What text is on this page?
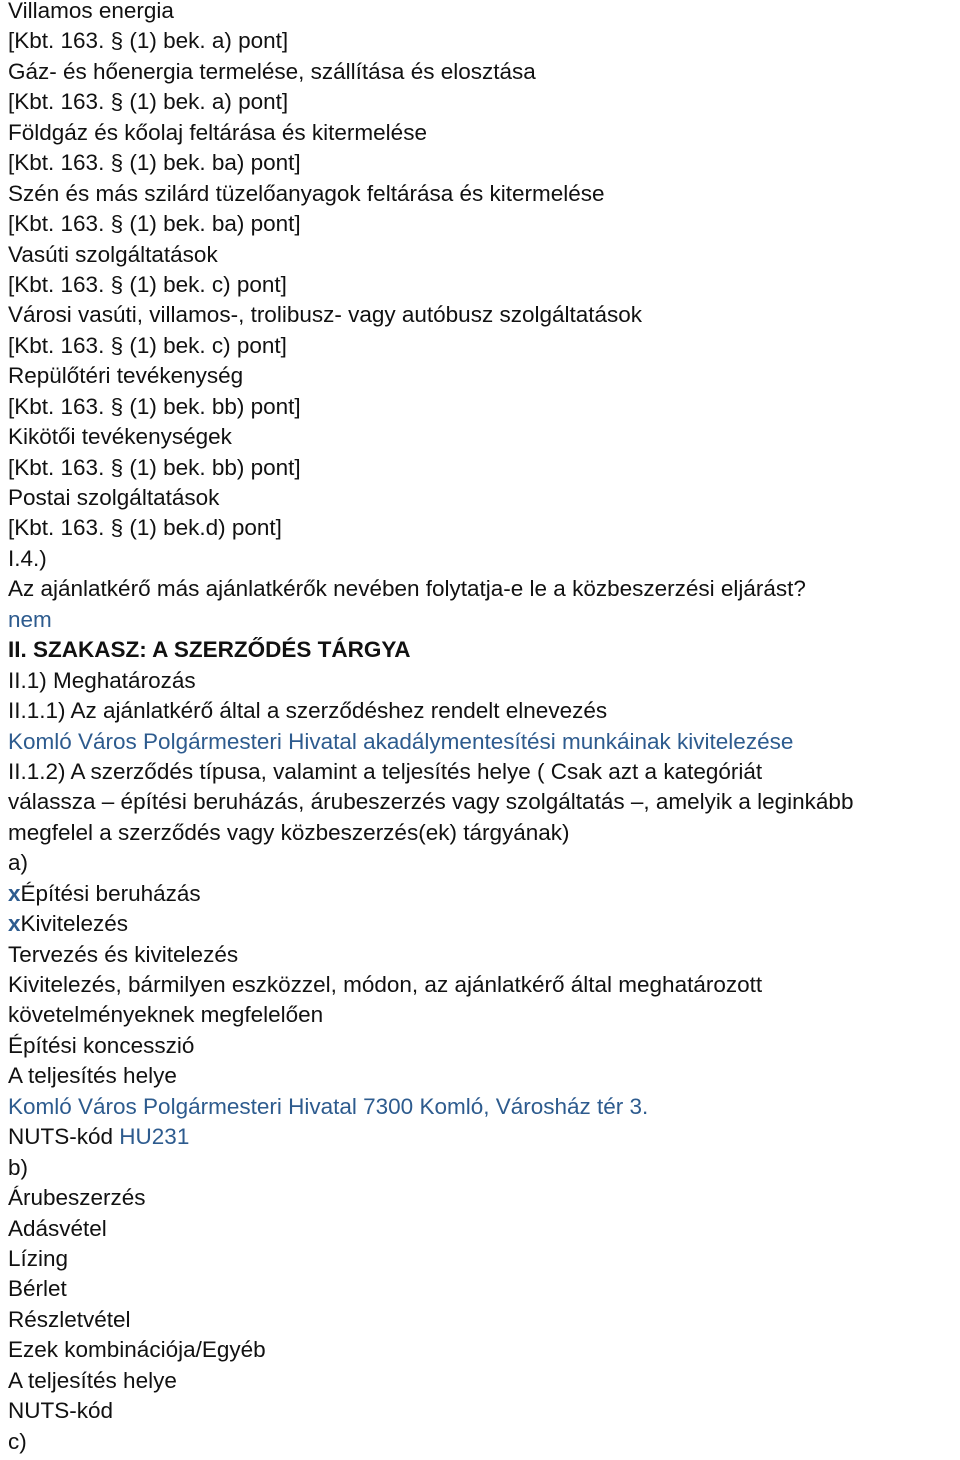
Villamos energia
[Kbt. 163. § (1) bek. a) pont]
Gáz- és hőenergia termelése, szállítása és elosztása
[Kbt. 163. § (1) bek. a) pont]
Földgáz és kőolaj feltárása és kitermelése
[Kbt. 163. § (1) bek. ba) pont]
Szén és más szilárd tüzelőanyagok feltárása és kitermelése
[Kbt. 163. § (1) bek. ba) pont]
Vasúti szolgáltatások
[Kbt. 163. § (1) bek. c) pont]
Városi vasúti, villamos-, trolibusz- vagy autóbusz szolgáltatások
[Kbt. 163. § (1) bek. c) pont]
Repülőtéri tevékenység
[Kbt. 163. § (1) bek. bb) pont]
Kikötői tevékenységek
[Kbt. 163. § (1) bek. bb) pont]
Postai szolgáltatások
[Kbt. 163. § (1) bek.d) pont]
I.4.)
Az ajánlatkérő más ajánlatkérők nevében folytatja-e le a közbeszerzési eljárást?
nem
II. SZAKASZ: A SZERZŐDÉS TÁRGYA
II.1) Meghatározás
II.1.1) Az ajánlatkérő által a szerződéshez rendelt elnevezés
Komló Város Polgármesteri Hivatal akadálymentesítési munkáinak kivitelezése
II.1.2) A szerződés típusa, valamint a teljesítés helye ( Csak azt a kategóriát
válassza – építési beruházás, árubeszerzés vagy szolgáltatás –, amelyik a leginkább
megfelel a szerződés vagy közbeszerzés(ek) tárgyának)
a)
xÉpítési beruházás
xKivitelezés
Tervezés és kivitelezés
Kivitelezés, bármilyen eszközzel, módon, az ajánlatkérő által meghatározott
követelményeknek megfelelően
Építési koncesszió
A teljesítés helye
Komló Város Polgármesteri Hivatal 7300 Komló, Városház tér 3.
NUTS-kód HU231
b)
Árubeszerzés
Adásvétel
Lízing
Bérlet
Részletvétel
Ezek kombinációja/Egyéb
A teljesítés helye
NUTS-kód
c)
